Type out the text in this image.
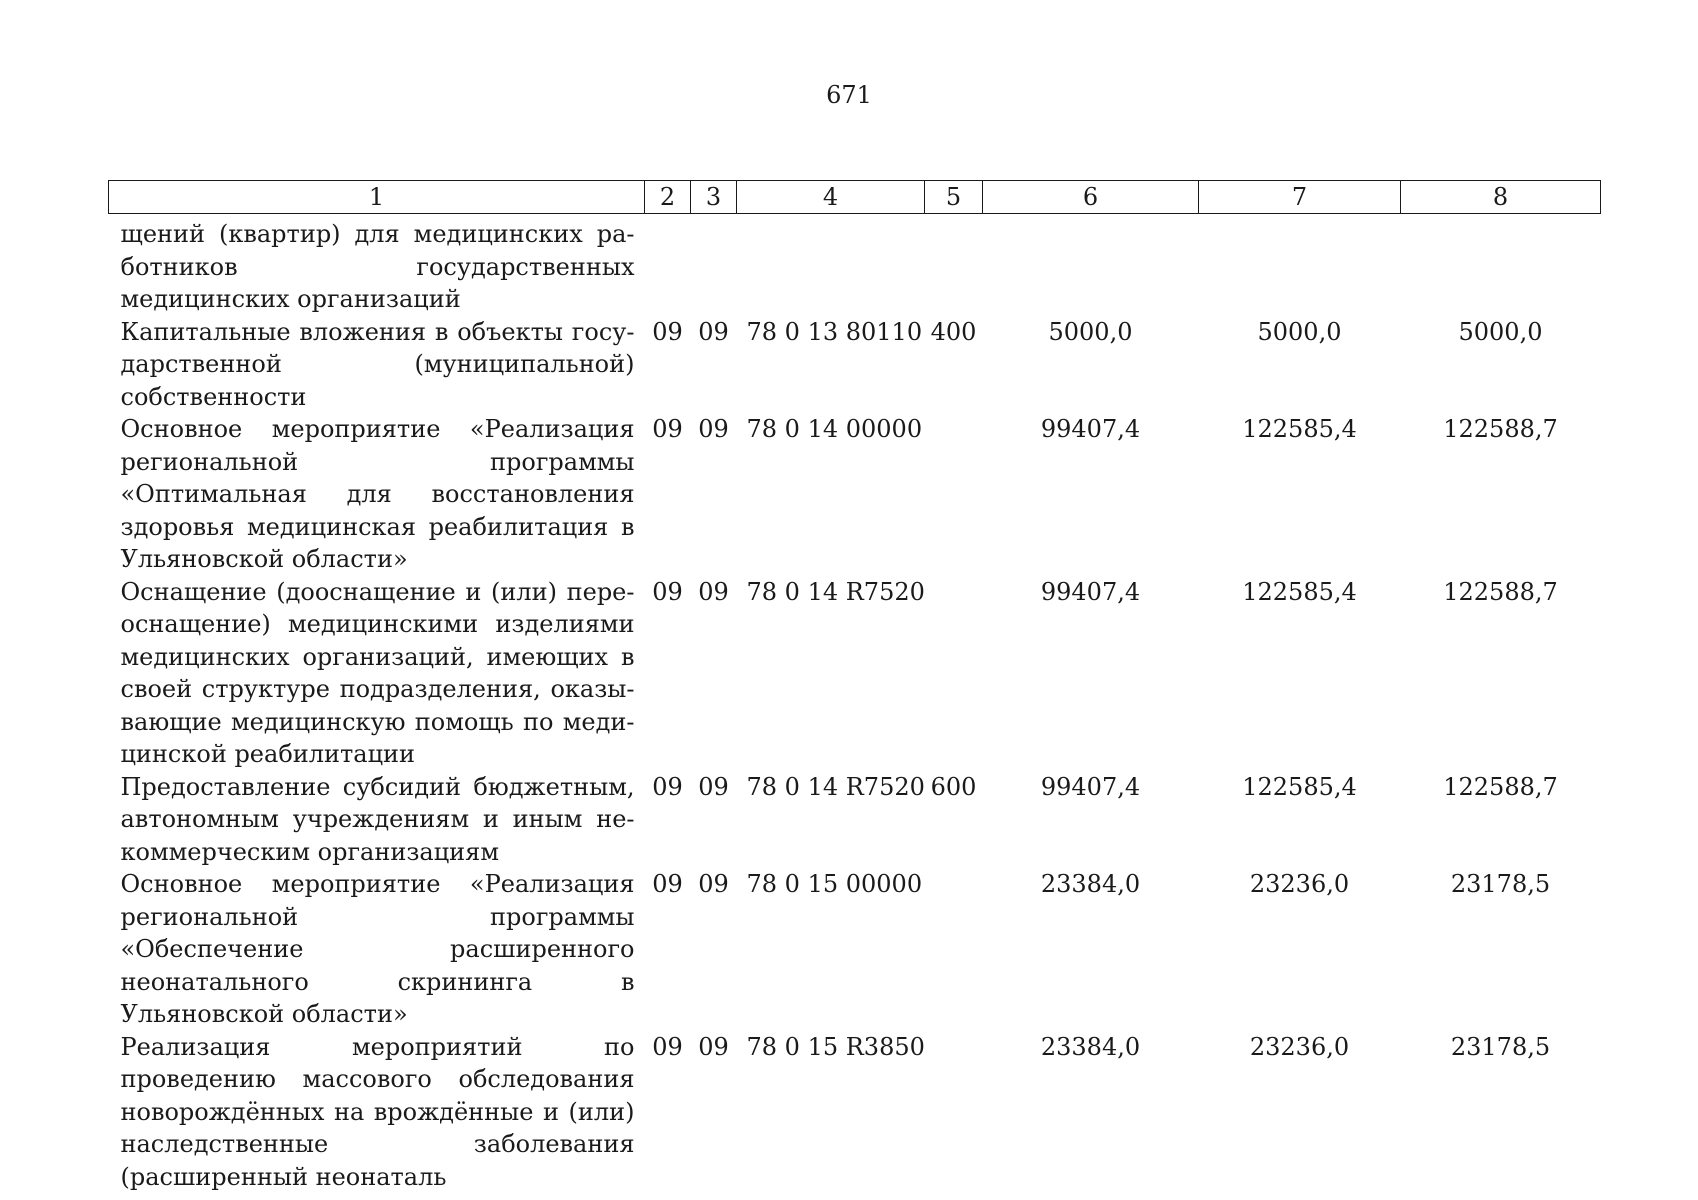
671
1	2	3	4	5	6	7	8
щений (квартир) для медицинских работников государственных медицинских организаций							
Капитальные вложения в объекты государственной (муниципальной) собственности	09	09	78 0 13 80110	400	5000,0	5000,0	5000,0
Основное мероприятие «Реализация региональной программы «Оптимальная для восстановления здоровья медицинская реабилитация в Ульяновской области»	09	09	78 0 14 00000		99407,4	122585,4	122588,7
Оснащение (дооснащение и (или) переоснащение) медицинскими изделиями медицинских организаций, имеющих в своей структуре подразделения, оказывающие медицинскую помощь по медицинской реабилитации	09	09	78 0 14 R7520		99407,4	122585,4	122588,7
Предоставление субсидий бюджетным, автономным учреждениям и иным некоммерческим организациям	09	09	78 0 14 R7520	600	99407,4	122585,4	122588,7
Основное мероприятие «Реализация региональной программы «Обеспечение расширенного неонатального скрининга в Ульяновской области»	09	09	78 0 15 00000		23384,0	23236,0	23178,5
Реализация мероприятий по проведению массового обследования новорождённых на врождённые и (или) наследственные заболевания (расширенный неонаталь	09	09	78 0 15 R3850		23384,0	23236,0	23178,5
